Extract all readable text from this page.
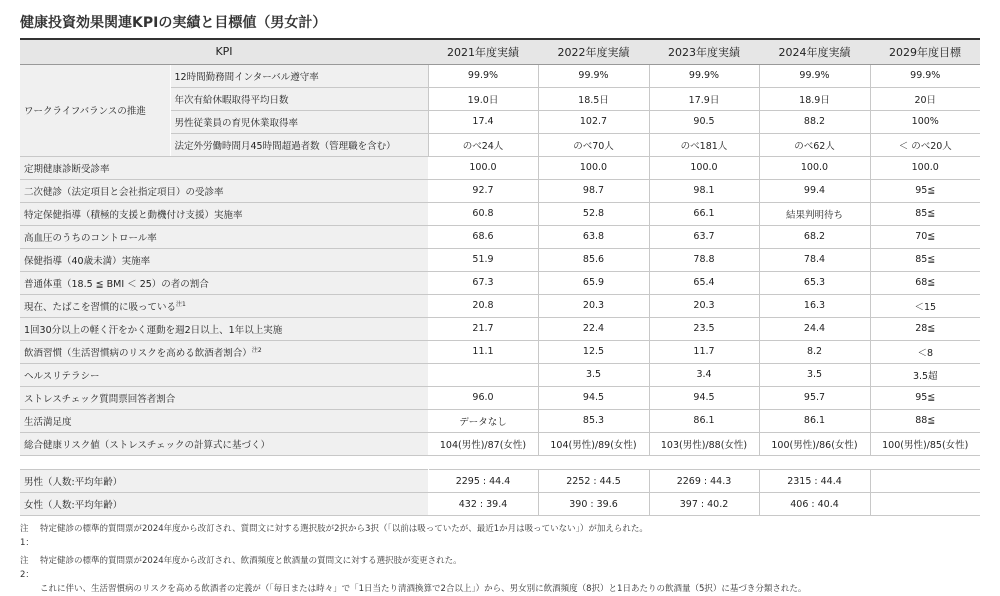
健康投資効果関連KPIの実績と目標値（男女計）
KPI		2021年度実績	2022年度実績	2023年度実績	2024年度実績	2029年度目標
ワークライフバランスの推進	12時間勤務間インターバル遵守率	99.9%	99.9%	99.9%	99.9%	99.9%
	年次有給休暇取得平均日数	19.0日	18.5日	17.9日	18.9日	20日
	男性従業員の育児休業取得率	17.4	102.7	90.5	88.2	100%
	法定外労働時間月45時間超過者数（管理職を含む）	のべ24人	のべ70人	のべ181人	のべ62人	＜ のべ20人
定期健康診断受診率		100.0	100.0	100.0	100.0	100.0
二次健診（法定項目と会社指定項目）の受診率		92.7	98.7	98.1	99.4	95≦
特定保健指導（積極的支援と動機付け支援）実施率		60.8	52.8	66.1	結果判明待ち	85≦
高血圧のうちのコントロール率		68.6	63.8	63.7	68.2	70≦
保健指導（40歳未満）実施率		51.9	85.6	78.8	78.4	85≦
普通体重（18.5 ≦ BMI ＜ 25）の者の割合		67.3	65.9	65.4	65.3	68≦
現在、たばこを習慣的に吸っている$^{注1}$		20.8	20.3	20.3	16.3	＜15
1回30分以上の軽く汗をかく運動を週2日以上、1年以上実施		21.7	22.4	23.5	24.4	28≦
飲酒習慣（生活習慣病のリスクを高める飲酒者割合）$^{注2}$		11.1	12.5	11.7	8.2	＜8
ヘルスリテラシー			3.5	3.4	3.5	3.5超
ストレスチェック質問票回答者割合		96.0	94.5	94.5	95.7	95≦
生活満足度		データなし	85.3	86.1	86.1	88≦
総合健康リスク値（ストレスチェックの計算式に基づく）		104(男性)/87(女性)	104(男性)/89(女性)	103(男性)/88(女性)	100(男性)/86(女性)	100(男性)/85(女性)
男性（人数:平均年齢）	2295 : 44.4	2252 : 44.5	2269 : 44.3	2315 : 44.4	
女性（人数:平均年齢）	432 : 39.4	390 : 39.6	397 : 40.2	406 : 40.4	
注1：
特定健診の標準的質問票が2024年度から改訂され、質問文に対する選択肢が2択から3択（「以前は吸っていたが、最近1か月は吸っていない」）が加えられた。
注2：
特定健診の標準的質問票が2024年度から改訂され、飲酒頻度と飲酒量の質問文に対する選択肢が変更された。
これに伴い、生活習慣病のリスクを高める飲酒者の定義が（「毎日または時々」で「1日当たり清酒換算で2合以上」）から、男女別に飲酒頻度（8択）と1日あたりの飲酒量（5択）に基づき分類された。
